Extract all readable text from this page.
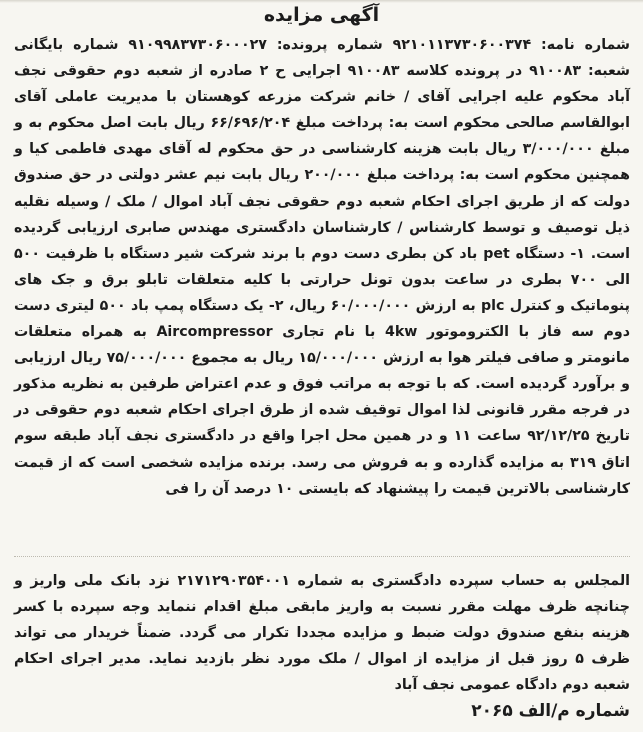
آگهی مزایده

شماره نامه: ۹۲۱۰۱۱۳۷۳۰۶۰۰۳۷۴ شماره پرونده: ۹۱۰۹۹۸۳۷۳۰۶۰۰۰۲۷ شماره بایگانی شعبه: ۹۱۰۰۸۳ در پرونده کلاسه ۹۱۰۰۸۳ اجرایی ح ۲ صادره از شعبه دوم حقوقی نجف آباد محکوم علیه اجرایی آقای / خانم شرکت مزرعه کوهستان با مدیریت عاملی آقای ابوالقاسم صالحی محکوم است به: پرداخت مبلغ ۶۶/۶۹۶/۲۰۴ ریال بابت اصل محکوم به و مبلغ ۳/۰۰۰/۰۰۰ ریال بابت هزینه کارشناسی در حق محکوم له آقای مهدی فاطمی کیا و همچنین محکوم است به: پرداخت مبلغ ۲۰۰/۰۰۰ ریال بابت نیم عشر دولتی در حق صندوق دولت که از طریق اجرای احکام شعبه دوم حقوقی نجف آباد اموال / ملک / وسیله نقلیه ذیل توصیف و توسط کارشناس / کارشناسان دادگستری مهندس صابری ارزیابی گردیده است. ۱- دستگاه pet باد کن بطری دست دوم با برند شرکت شیر دستگاه با ظرفیت ۵۰۰ الی ۷۰۰ بطری در ساعت بدون تونل حرارتی با کلیه متعلقات تابلو برق و جک های پنوماتیک و کنترل plc به ارزش ۶۰/۰۰۰/۰۰۰ ریال، ۲- یک دستگاه پمپ باد ۵۰۰ لیتری دست دوم سه فاز با الکتروموتور 4kw با نام تجاری Aircompressor به همراه متعلقات مانومتر و صافی فیلتر هوا به ارزش ۱۵/۰۰۰/۰۰۰ ریال به مجموع ۷۵/۰۰۰/۰۰۰ ریال ارزیابی و برآورد گردیده است. که با توجه به مراتب فوق و عدم اعتراض طرفین به نظریه مذکور در فرجه مقرر قانونی لذا اموال توقیف شده از طرق اجرای احکام شعبه دوم حقوقی در تاریخ ۹۲/۱۲/۲۵ ساعت ۱۱ و در همین محل اجرا واقع در دادگستری نجف آباد طبقه سوم اتاق ۳۱۹ به مزایده گذارده و به فروش می رسد. برنده مزایده شخصی است که از قیمت کارشناسی بالاترین قیمت را پیشنهاد که بایستی ۱۰ درصد آن را فی

المجلس به حساب سپرده دادگستری به شماره ۲۱۷۱۲۹۰۳۵۴۰۰۱ نزد بانک ملی واریز و چنانچه ظرف مهلت مقرر نسبت به واریز مابقی مبلغ اقدام ننماید وجه سپرده با کسر هزینه بنفع صندوق دولت ضبط و مزایده مجددا تکرار می گردد. ضمناً خریدار می تواند ظرف ۵ روز قبل از مزایده از اموال / ملک مورد نظر بازدید نماید. مدیر اجرای احکام شعبه دوم دادگاه عمومی نجف آباد

شماره م/الف ۲۰۶۵
